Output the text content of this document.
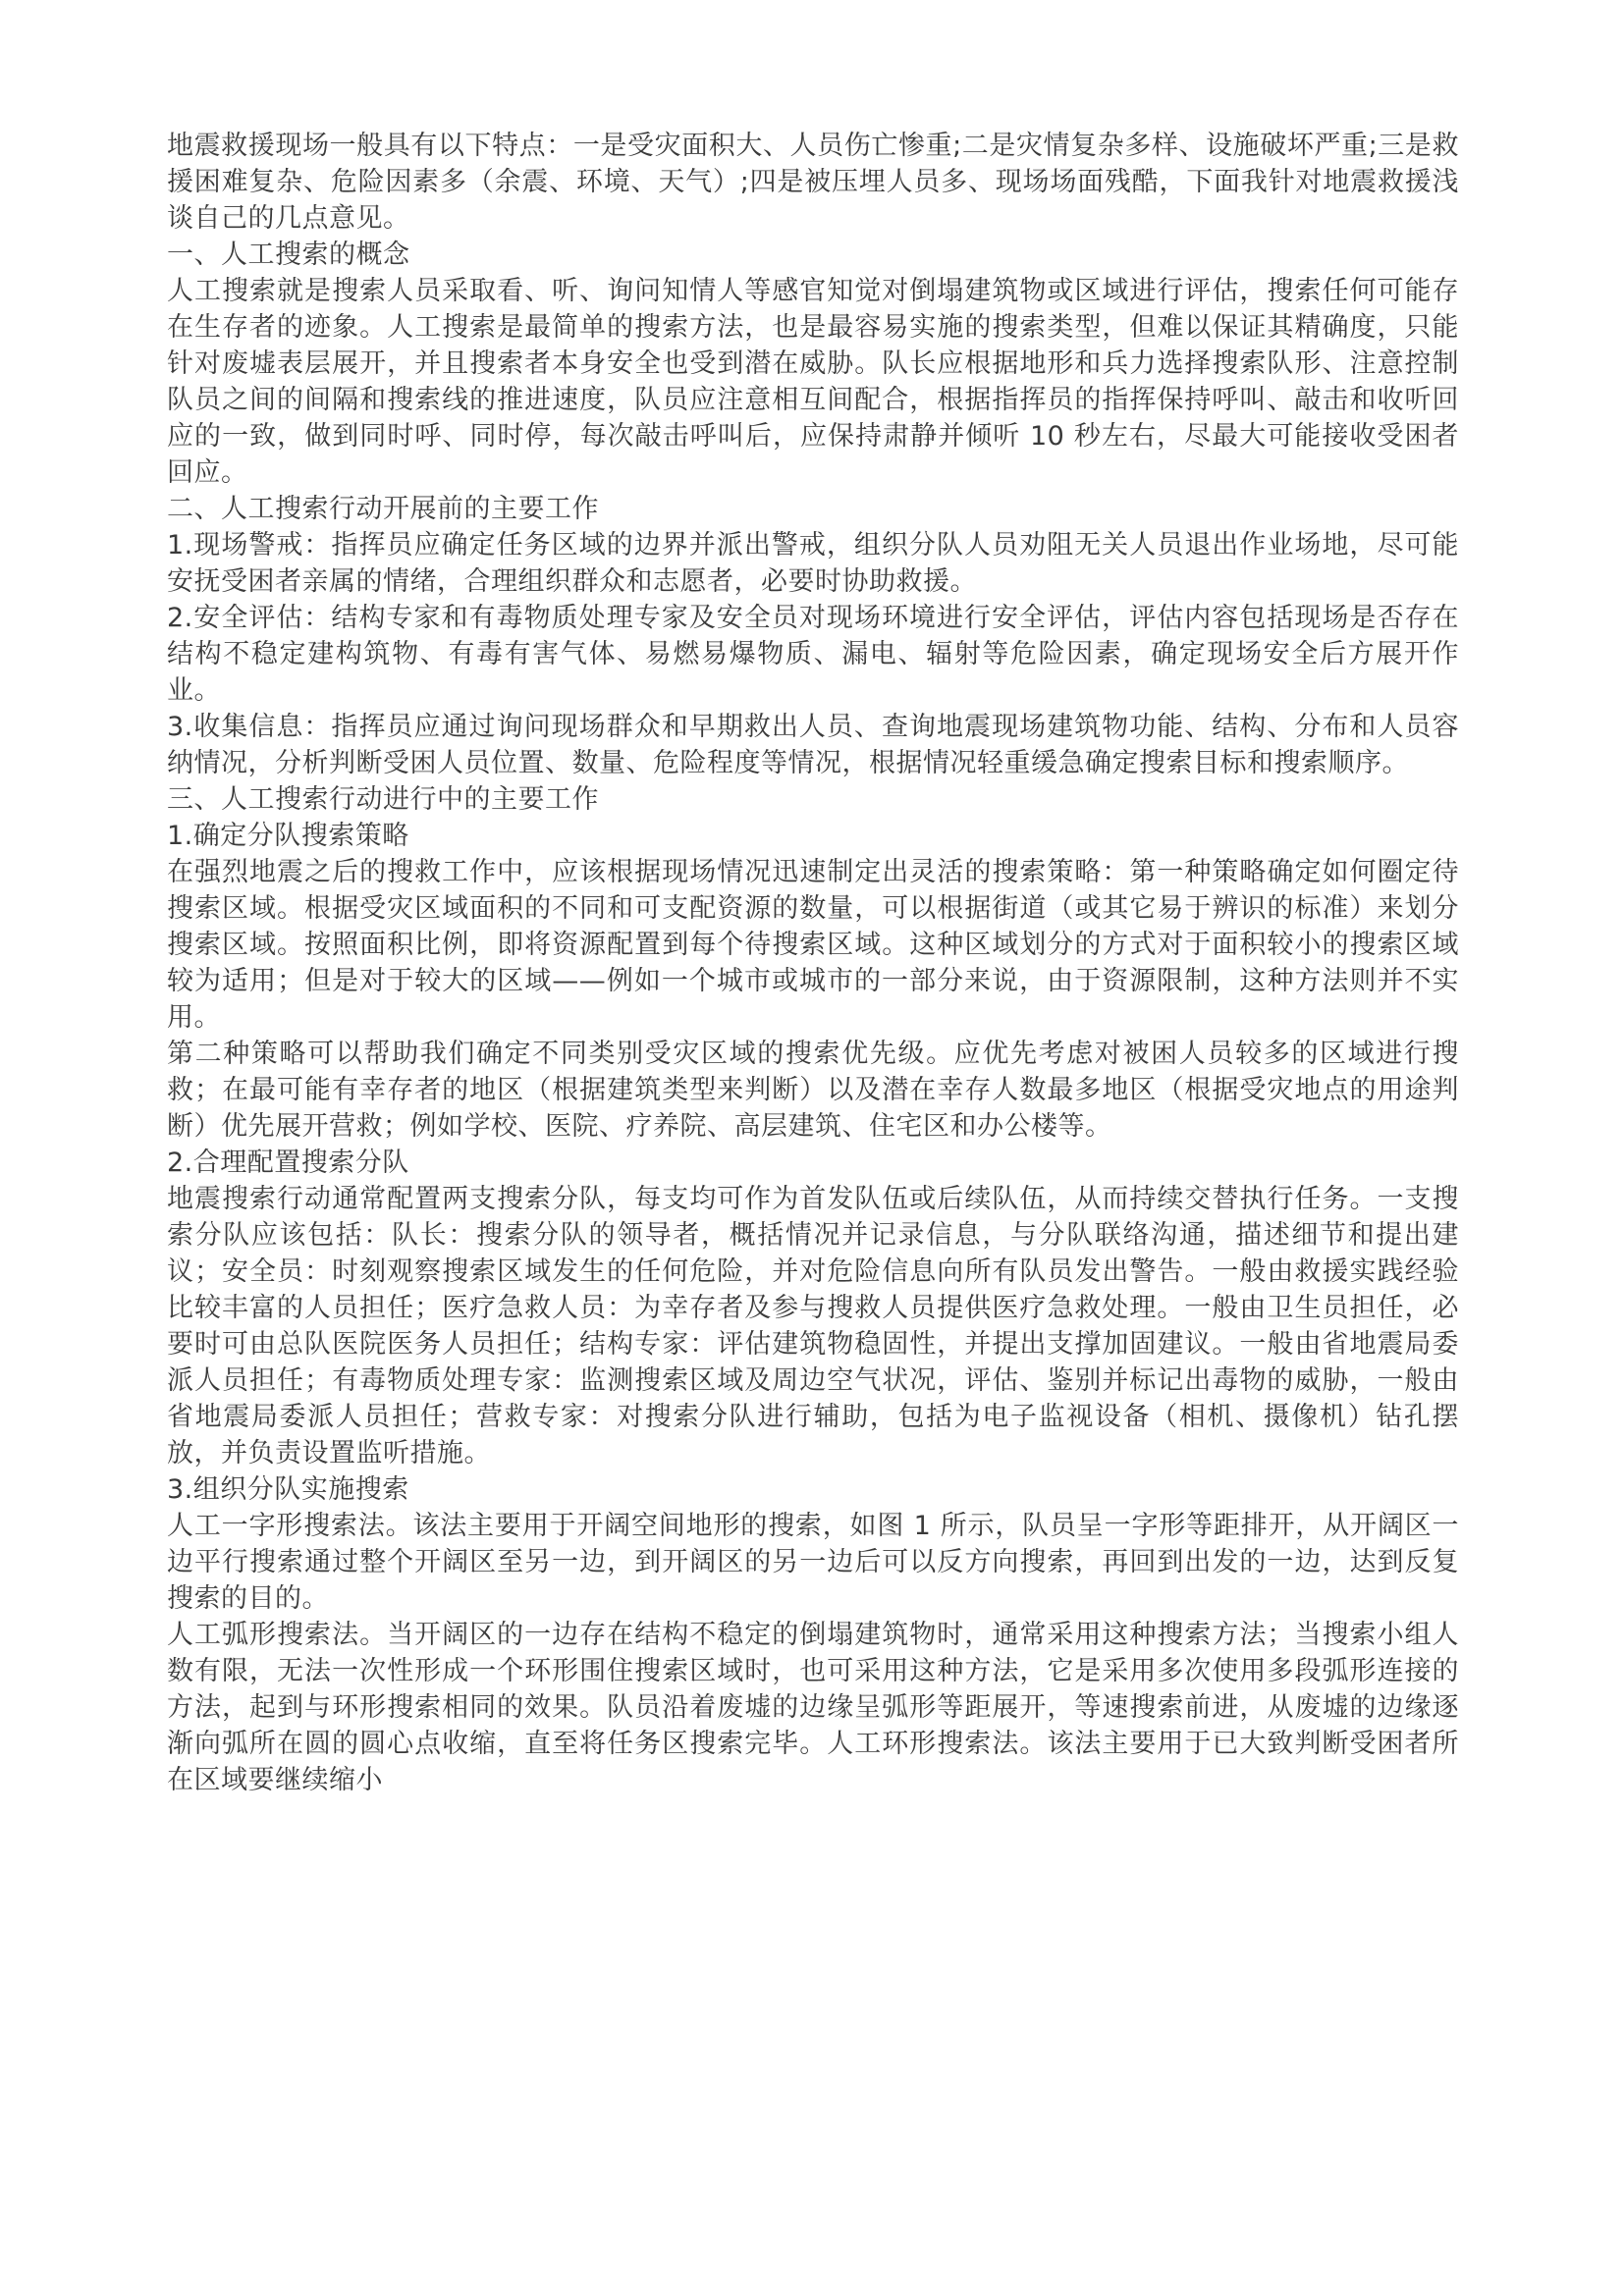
地震救援现场一般具有以下特点：一是受灾面积大、人员伤亡惨重;二是灾情复杂多样、设施破坏严重;三是救援困难复杂、危险因素多（余震、环境、天气）;四是被压埋人员多、现场场面残酷，下面我针对地震救援浅谈自己的几点意见。

一、人工搜索的概念

人工搜索就是搜索人员采取看、听、询问知情人等感官知觉对倒塌建筑物或区域进行评估，搜索任何可能存在生存者的迹象。人工搜索是最简单的搜索方法，也是最容易实施的搜索类型，但难以保证其精确度，只能针对废墟表层展开，并且搜索者本身安全也受到潜在威胁。队长应根据地形和兵力选择搜索队形、注意控制队员之间的间隔和搜索线的推进速度，队员应注意相互间配合，根据指挥员的指挥保持呼叫、敲击和收听回应的一致，做到同时呼、同时停，每次敲击呼叫后，应保持肃静并倾听 10 秒左右，尽最大可能接收受困者回应。

二、人工搜索行动开展前的主要工作

1.现场警戒：指挥员应确定任务区域的边界并派出警戒，组织分队人员劝阻无关人员退出作业场地，尽可能安抚受困者亲属的情绪，合理组织群众和志愿者，必要时协助救援。

2.安全评估：结构专家和有毒物质处理专家及安全员对现场环境进行安全评估，评估内容包括现场是否存在结构不稳定建构筑物、有毒有害气体、易燃易爆物质、漏电、辐射等危险因素，确定现场安全后方展开作业。

3.收集信息：指挥员应通过询问现场群众和早期救出人员、查询地震现场建筑物功能、结构、分布和人员容纳情况，分析判断受困人员位置、数量、危险程度等情况，根据情况轻重缓急确定搜索目标和搜索顺序。

三、人工搜索行动进行中的主要工作

1.确定分队搜索策略

在强烈地震之后的搜救工作中，应该根据现场情况迅速制定出灵活的搜索策略：第一种策略确定如何圈定待搜索区域。根据受灾区域面积的不同和可支配资源的数量，可以根据街道（或其它易于辨识的标准）来划分搜索区域。按照面积比例，即将资源配置到每个待搜索区域。这种区域划分的方式对于面积较小的搜索区域较为适用；但是对于较大的区域——例如一个城市或城市的一部分来说，由于资源限制，这种方法则并不实用。

第二种策略可以帮助我们确定不同类别受灾区域的搜索优先级。应优先考虑对被困人员较多的区域进行搜救；在最可能有幸存者的地区（根据建筑类型来判断）以及潜在幸存人数最多地区（根据受灾地点的用途判断）优先展开营救；例如学校、医院、疗养院、高层建筑、住宅区和办公楼等。

2.合理配置搜索分队

地震搜索行动通常配置两支搜索分队，每支均可作为首发队伍或后续队伍，从而持续交替执行任务。一支搜索分队应该包括：队长：搜索分队的领导者，概括情况并记录信息，与分队联络沟通，描述细节和提出建议；安全员：时刻观察搜索区域发生的任何危险，并对危险信息向所有队员发出警告。一般由救援实践经验比较丰富的人员担任；医疗急救人员：为幸存者及参与搜救人员提供医疗急救处理。一般由卫生员担任，必要时可由总队医院医务人员担任；结构专家：评估建筑物稳固性，并提出支撑加固建议。一般由省地震局委派人员担任；有毒物质处理专家：监测搜索区域及周边空气状况，评估、鉴别并标记出毒物的威胁，一般由省地震局委派人员担任；营救专家：对搜索分队进行辅助，包括为电子监视设备（相机、摄像机）钻孔摆放，并负责设置监听措施。

3.组织分队实施搜索

人工一字形搜索法。该法主要用于开阔空间地形的搜索，如图 1 所示，队员呈一字形等距排开，从开阔区一边平行搜索通过整个开阔区至另一边，到开阔区的另一边后可以反方向搜索，再回到出发的一边，达到反复搜索的目的。

人工弧形搜索法。当开阔区的一边存在结构不稳定的倒塌建筑物时，通常采用这种搜索方法；当搜索小组人数有限，无法一次性形成一个环形围住搜索区域时，也可采用这种方法，它是采用多次使用多段弧形连接的方法，起到与环形搜索相同的效果。队员沿着废墟的边缘呈弧形等距展开，等速搜索前进，从废墟的边缘逐渐向弧所在圆的圆心点收缩，直至将任务区搜索完毕。人工环形搜索法。该法主要用于已大致判断受困者所在区域要继续缩小
